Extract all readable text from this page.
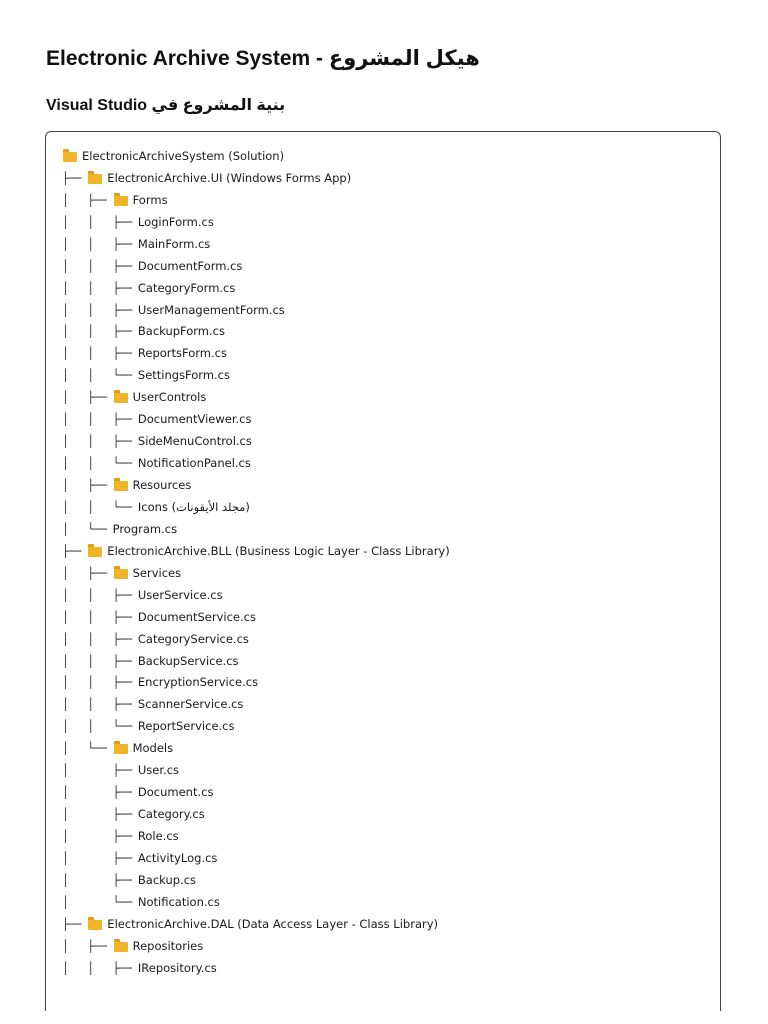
Electronic Archive System - هيكل المشروع
Visual Studio بنية المشروع في
ElectronicArchiveSystem (Solution)
├── ElectronicArchive.UI (Windows Forms App)
│   ├── Forms
│   │   ├── LoginForm.cs
│   │   ├── MainForm.cs
│   │   ├── DocumentForm.cs
│   │   ├── CategoryForm.cs
│   │   ├── UserManagementForm.cs
│   │   ├── BackupForm.cs
│   │   ├── ReportsForm.cs
│   │   └── SettingsForm.cs
│   ├── UserControls
│   │   ├── DocumentViewer.cs
│   │   ├── SideMenuControl.cs
│   │   └── NotificationPanel.cs
│   ├── Resources
│   │   └── Icons (مجلد الأيقونات)
│   └── Program.cs
├── ElectronicArchive.BLL (Business Logic Layer - Class Library)
│   ├── Services
│   │   ├── UserService.cs
│   │   ├── DocumentService.cs
│   │   ├── CategoryService.cs
│   │   ├── BackupService.cs
│   │   ├── EncryptionService.cs
│   │   ├── ScannerService.cs
│   │   └── ReportService.cs
│   └── Models
│       ├── User.cs
│       ├── Document.cs
│       ├── Category.cs
│       ├── Role.cs
│       ├── ActivityLog.cs
│       ├── Backup.cs
│       └── Notification.cs
├── ElectronicArchive.DAL (Data Access Layer - Class Library)
│   ├── Repositories
│   │   ├── IRepository.cs
